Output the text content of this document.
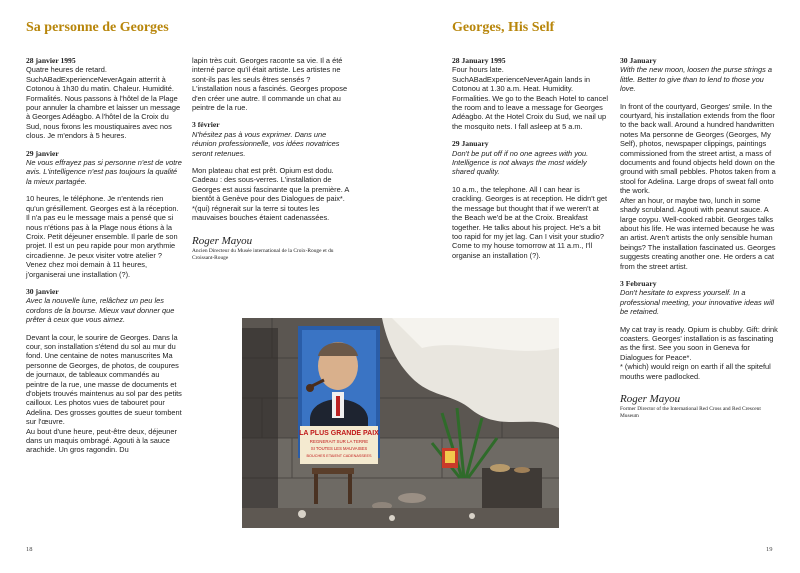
Sa personne de Georges
28 janvier 1995

Quatre heures de retard. SuchABadExperienceNeverAgain atterrit à Cotonou à 1h30 du matin. Chaleur. Humidité. Formalités. Nous passons à l'hôtel de la Plage pour annuler la chambre et laisser un message à Georges Adéagbo. A l'hôtel de la Croix du Sud, nous fixons les moustiquaires avec nos clous. Je m'endors à 5 heures.

29 janvier

Ne vous effrayez pas si personne n'est de votre avis. L'intelligence n'est pas toujours la qualité la mieux partagée.

10 heures, le téléphone. Je n'entends rien qu'un grésillement. Georges est à la réception. Il n'a pas eu le message mais a pensé que si nous n'étions pas à la Plage nous étions à la Croix. Petit déjeuner ensemble. Il parle de son projet. Il est un peu rapide pour mon arythmie circadienne. Je peux visiter votre atelier ? Venez chez moi demain à 11 heures, j'organiserai une installation (?).

30 janvier

Avec la nouvelle lune, relâchez un peu les cordons de la bourse. Mieux vaut donner que prêter à ceux que vous aimez.

Devant la cour, le sourire de Georges. Dans la cour, son installation s'étend du sol au mur du fond. Une centaine de notes manuscrites Ma personne de Georges, de photos, de coupures de journaux, de tableaux commandés au peintre de la rue, une masse de documents et d'objets trouvés maintenus au sol par des petits cailloux. Les photos vues de tabouret pour Adelina. Des grosses gouttes de sueur tombent sur l'œuvre.

Au bout d'une heure, peut-être deux, déjeuner dans un maquis ombragé. Agouti à la sauce arachide. Un gros ragondin. Du

lapin très cuit. Georges raconte sa vie. Il a été interné parce qu'il était artiste. Les artistes ne sont-ils pas les seuls êtres sensés ? L'installation nous a fascinés. Georges propose d'en créer une autre. Il commande un chat au peintre de la rue.

3 février

N'hésitez pas à vous exprimer. Dans une réunion professionnelle, vos idées novatrices seront retenues.

Mon plateau chat est prêt. Opium est dodu. Cadeau : des sous-verres. L'installation de Georges est aussi fascinante que la première. A bientôt à Genève pour des Dialogues de paix*.

*(qui) régnerait sur la terre si toutes les mauvaises bouches étaient cadenassées.

Roger Mayou
Ancien Directeur du Musée international de la Croix-Rouge et du Croissant-Rouge
18
Georges, His Self
28 January 1995

Four hours late. SuchABadExperienceNeverAgain lands in Cotonou at 1.30 a.m. Heat. Humidity. Formalities. We go to the Beach Hotel to cancel the room and to leave a message for Georges Adéagbo. At the Hotel Croix du Sud, we nail up the mosquito nets. I fall asleep at 5 a.m.

29 January

Don't be put off if no one agrees with you. Intelligence is not always the most widely shared quality.

10 a.m., the telephone. All I can hear is crackling. Georges is at reception. He didn't get the message but thought that if we weren't at the Beach we'd be at the Croix. Breakfast together. He talks about his project. He's a bit too rapid for my jet lag. Can I visit your studio? Come to my house tomorrow at 11 a.m., I'll organise an installation (?).

30 January

With the new moon, loosen the purse strings a little. Better to give than to lend to those you love.

In front of the courtyard, Georges' smile. In the courtyard, his installation extends from the floor to the back wall. Around a hundred handwritten notes Ma personne de Georges (Georges, My Self), photos, newspaper clippings, paintings commissioned from the street artist, a mass of documents and found objects held down on the ground with small pebbles. Photos taken from a stool for Adelina. Large drops of sweat fall onto the work.

After an hour, or maybe two, lunch in some shady scrubland. Agouti with peanut sauce. A large coypu. Well-cooked rabbit. Georges talks about his life. He was interned because he was an artist. Aren't artists the only sensible human beings? The installation fascinated us. Georges suggests creating another one. He orders a cat from the street artist.

3 February

Don't hesitate to express yourself. In a professional meeting, your innovative ideas will be retained.

My cat tray is ready. Opium is chubby. Gift: drink coasters. Georges' installation is as fascinating as the first. See you soon in Geneva for Dialogues for Peace*.

* (which) would reign on earth if all the spiteful mouths were padlocked.

Roger Mayou
Former Director of the International Red Cross and Red Crescent Museum
19
LA PLUS GRANDE PAIX
REGNERAIT SUR LA TERRE
SI TOUTES LES MAUVAISES
BOUCHES ETAIENT CADENASSEES
